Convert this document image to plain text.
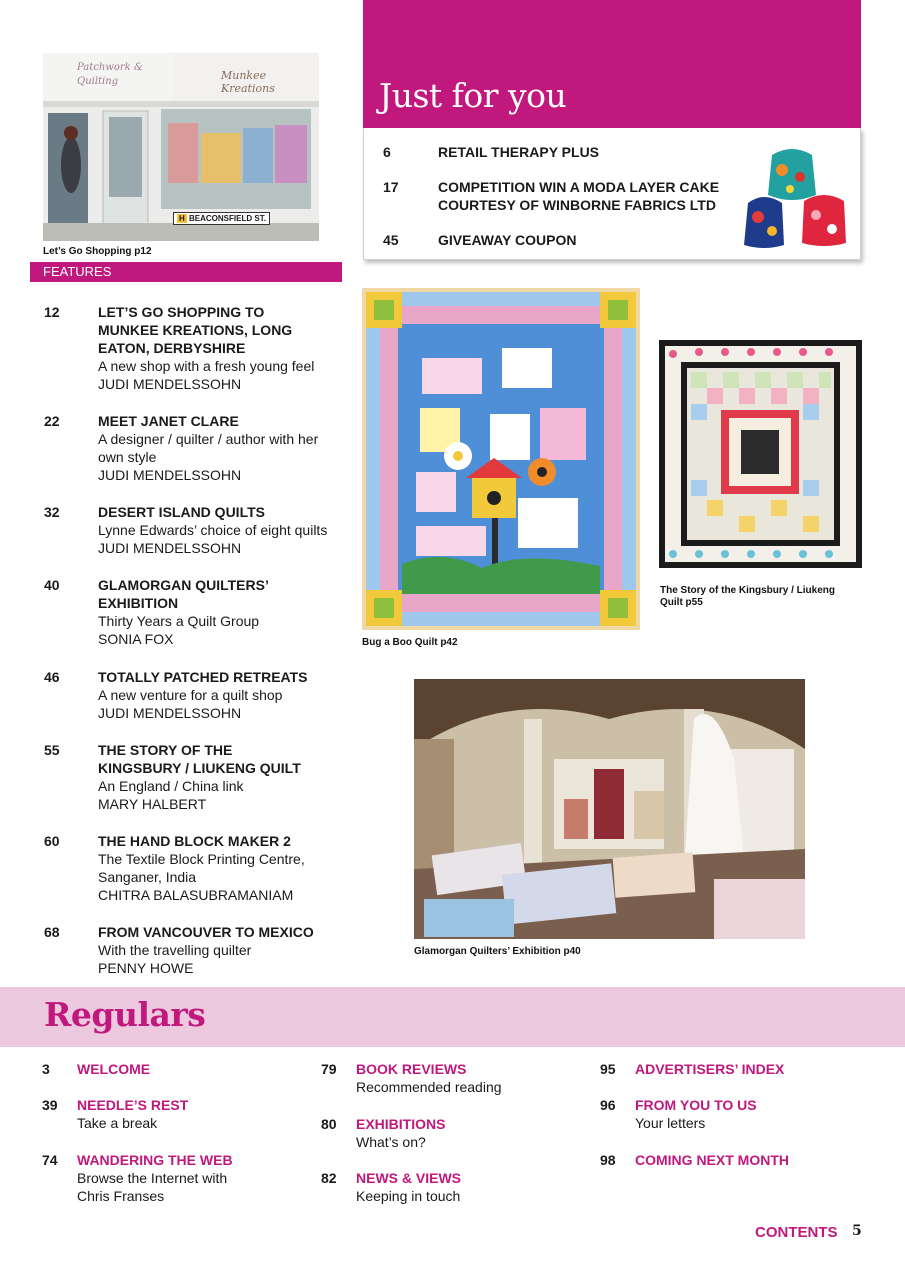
Patchwork & Quilting	Munkee Kreations
H BEACONSFIELD ST.
Let’s Go Shopping p12
FEATURES
12	LET’S GO SHOPPING TO MUNKEE KREATIONS, LONG EATON, DERBYSHIRE
A new shop with a fresh young feel
JUDI MENDELSSOHN
22	MEET JANET CLARE
A designer / quilter / author with her own style
JUDI MENDELSSOHN
32	DESERT ISLAND QUILTS
Lynne Edwards’ choice of eight quilts
JUDI MENDELSSOHN
40	GLAMORGAN QUILTERS’ EXHIBITION
Thirty Years a Quilt Group
SONIA FOX
46	TOTALLY PATCHED RETREATS
A new venture for a quilt shop
JUDI MENDELSSOHN
55	THE STORY OF THE KINGSBURY / LIUKENG QUILT
An England / China link
MARY HALBERT
60	THE HAND BLOCK MAKER 2
The Textile Block Printing Centre, Sanganer, India
CHITRA BALASUBRAMANIAM
68	FROM VANCOUVER TO MEXICO
With the travelling quilter
PENNY HOWE
Just for you
6	RETAIL THERAPY PLUS
17	COMPETITION WIN A MODA LAYER CAKE COURTESY OF WINBORNE FABRICS LTD
45	GIVEAWAY COUPON
Bug a Boo Quilt p42
The Story of the Kingsbury / Liukeng Quilt p55
Glamorgan Quilters’ Exhibition p40
Regulars
3 WELCOME
39 NEEDLE’S REST
Take a break
74 WANDERING THE WEB
Browse the Internet with Chris Franses
79 BOOK REVIEWS
Recommended reading
80 EXHIBITIONS
What’s on?
82 NEWS & VIEWS
Keeping in touch
95 ADVERTISERS’ INDEX
96 FROM YOU TO US
Your letters
98 COMING NEXT MONTH
CONTENTS 5
